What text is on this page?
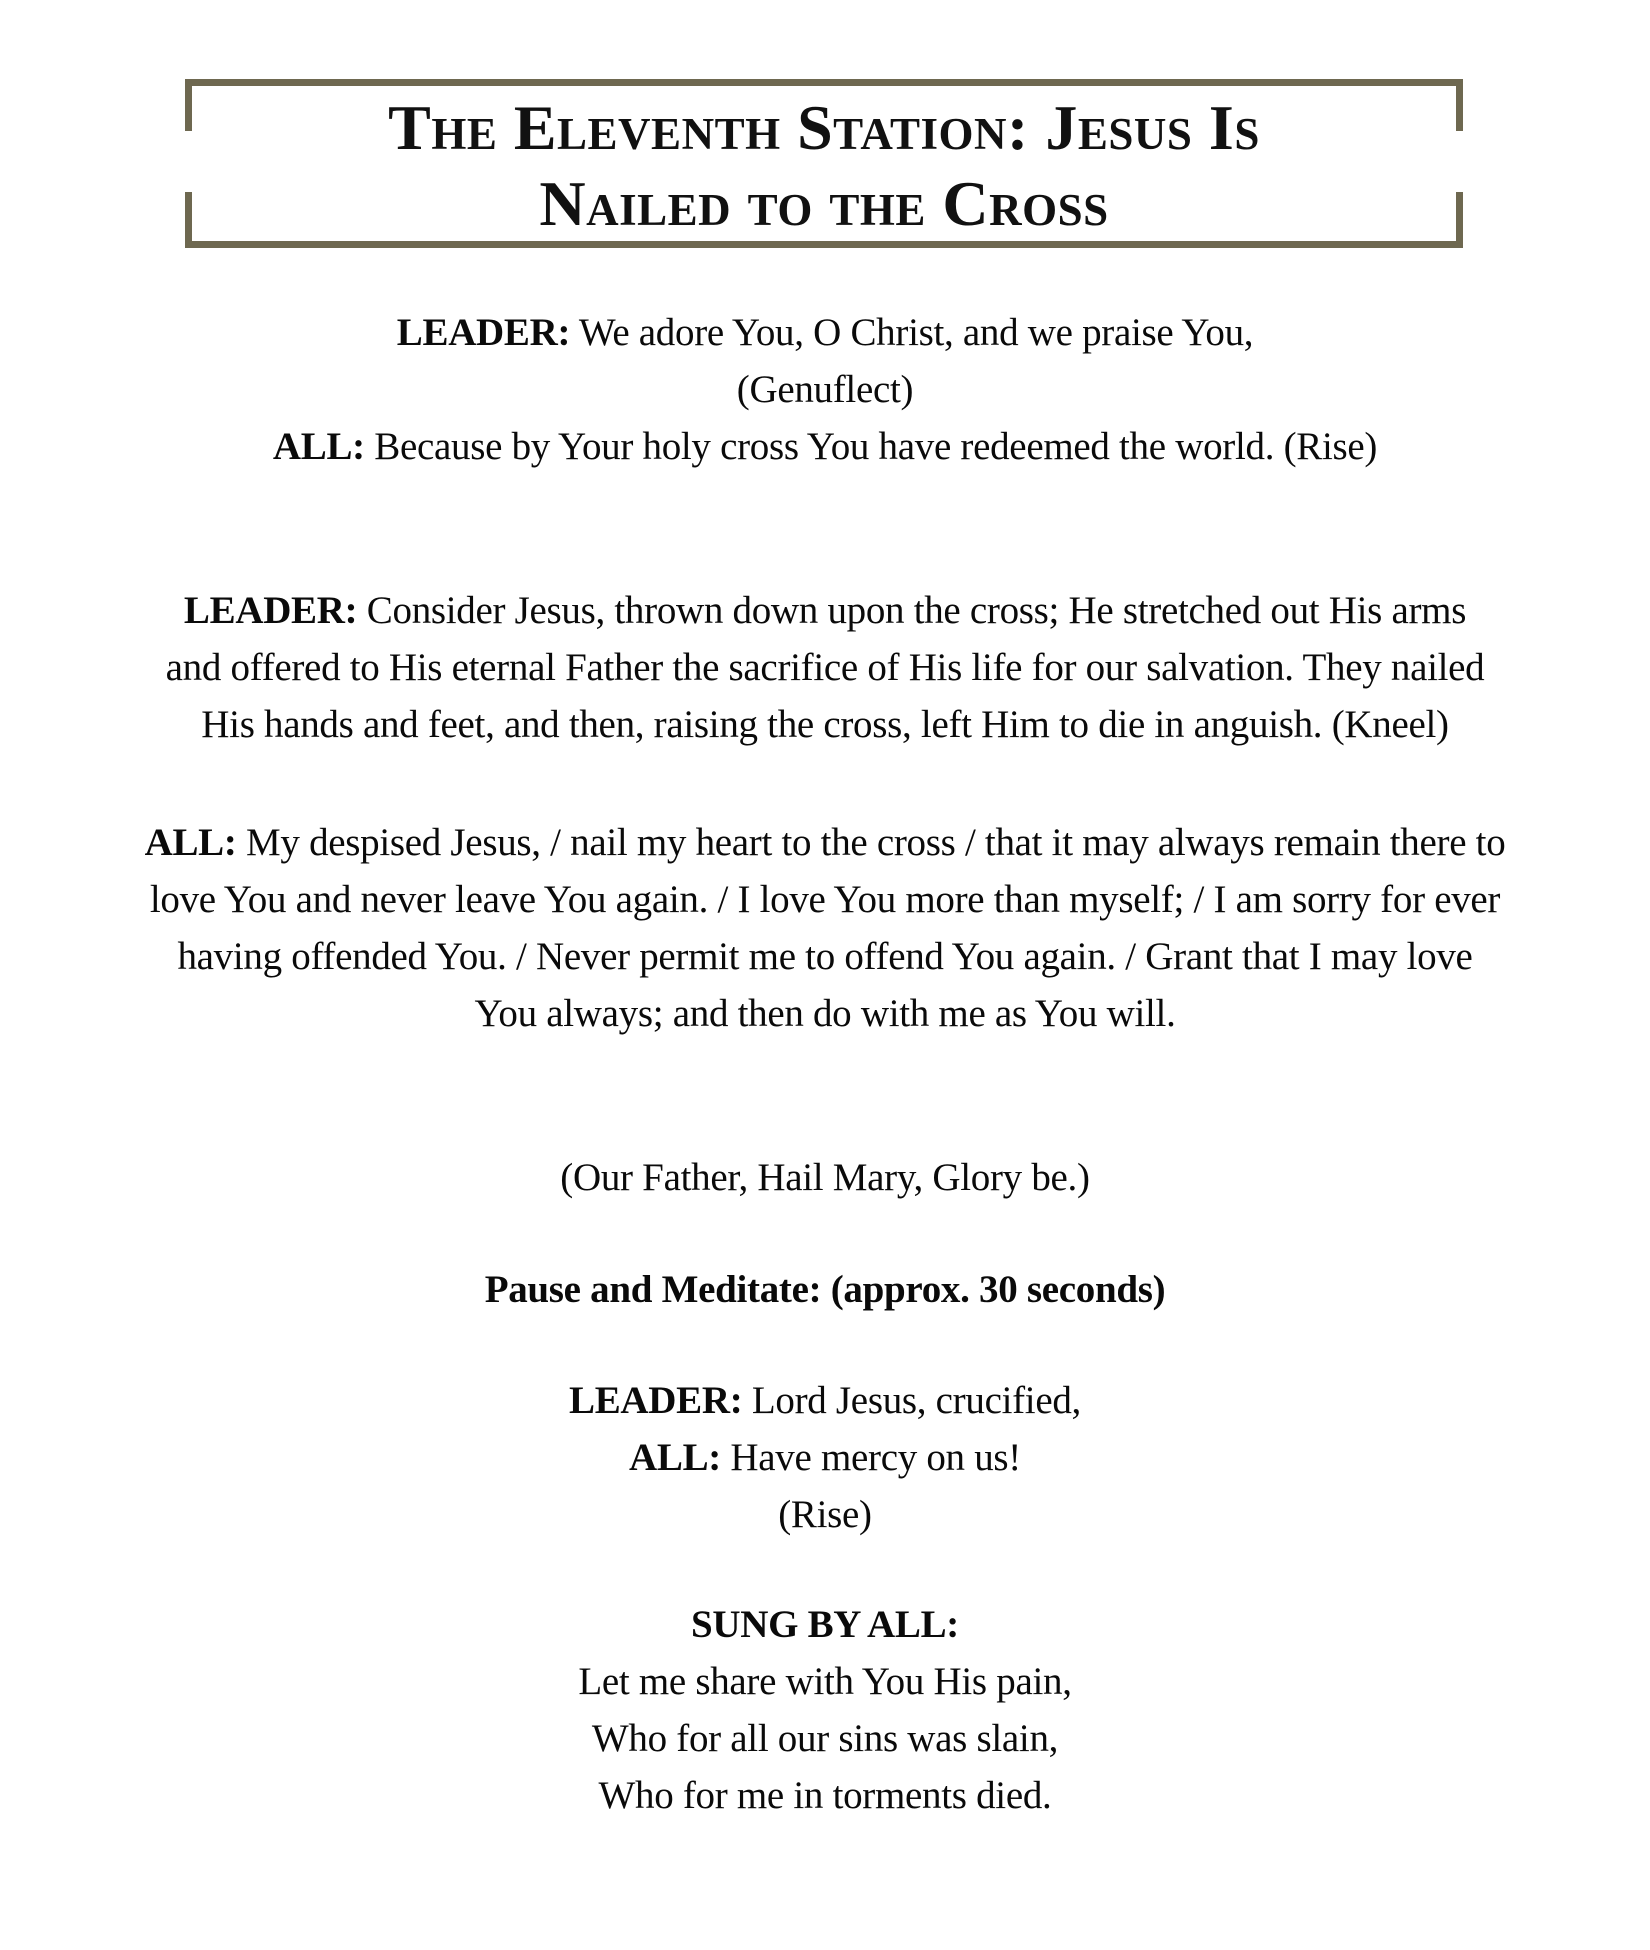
The Eleventh Station: Jesus Is
Nailed to the Cross
LEADER: We adore You, O Christ, and we praise You,
(Genuflect)
ALL: Because by Your holy cross You have redeemed the world. (Rise)
LEADER: Consider Jesus, thrown down upon the cross; He stretched out His arms
and offered to His eternal Father the sacrifice of His life for our salvation. They nailed
His hands and feet, and then, raising the cross, left Him to die in anguish. (Kneel)
ALL: My despised Jesus, / nail my heart to the cross / that it may always remain there to
love You and never leave You again. / I love You more than myself; / I am sorry for ever
having offended You. / Never permit me to offend You again. / Grant that I may love
You always; and then do with me as You will.
(Our Father, Hail Mary, Glory be.)
Pause and Meditate: (approx. 30 seconds)
LEADER: Lord Jesus, crucified,
ALL: Have mercy on us!
(Rise)
SUNG BY ALL:
Let me share with You His pain,
Who for all our sins was slain,
Who for me in torments died.
